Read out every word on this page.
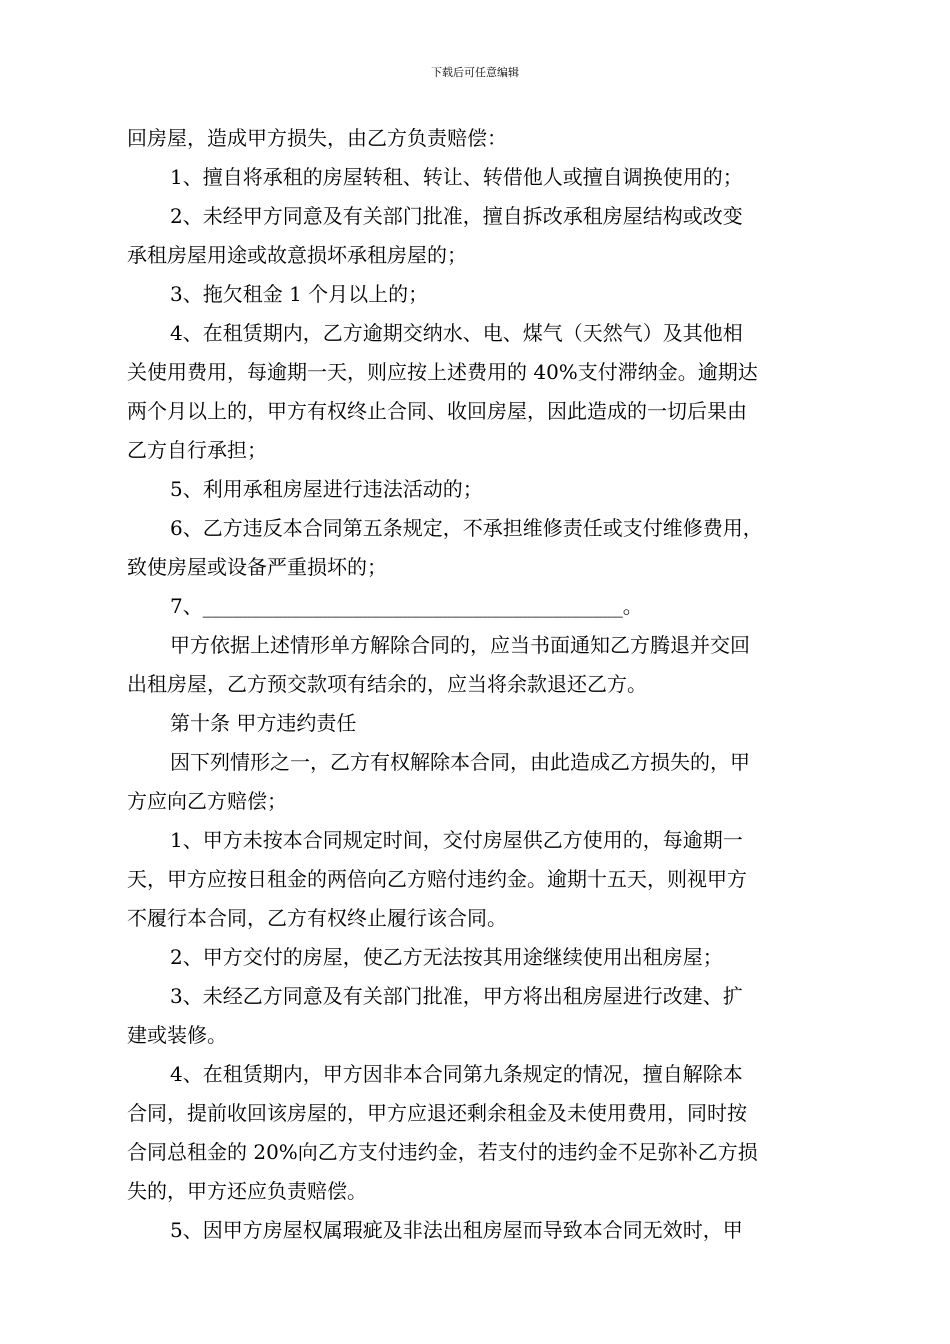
下载后可任意编辑
回房屋，造成甲方损失，由乙方负责赔偿：
1、擅自将承租的房屋转租、转让、转借他人或擅自调换使用的；
2、未经甲方同意及有关部门批准，擅自拆改承租房屋结构或改变
承租房屋用途或故意损坏承租房屋的；
3、拖欠租金 1 个月以上的；
4、在租赁期内，乙方逾期交纳水、电、煤气（天然气）及其他相
关使用费用，每逾期一天，则应按上述费用的 40%支付滞纳金。逾期达
两个月以上的，甲方有权终止合同、收回房屋，因此造成的一切后果由
乙方自行承担；
5、利用承租房屋进行违法活动的；
6、乙方违反本合同第五条规定，不承担维修责任或支付维修费用，
致使房屋或设备严重损坏的；
7、__________________________________________。
甲方依据上述情形单方解除合同的，应当书面通知乙方腾退并交回
出租房屋，乙方预交款项有结余的，应当将余款退还乙方。
第十条 甲方违约责任
因下列情形之一，乙方有权解除本合同，由此造成乙方损失的，甲
方应向乙方赔偿；
1、甲方未按本合同规定时间，交付房屋供乙方使用的，每逾期一
天，甲方应按日租金的两倍向乙方赔付违约金。逾期十五天，则视甲方
不履行本合同，乙方有权终止履行该合同。
2、甲方交付的房屋，使乙方无法按其用途继续使用出租房屋；
3、未经乙方同意及有关部门批准，甲方将出租房屋进行改建、扩
建或装修。
4、在租赁期内，甲方因非本合同第九条规定的情况，擅自解除本
合同，提前收回该房屋的，甲方应退还剩余租金及未使用费用，同时按
合同总租金的 20%向乙方支付违约金，若支付的违约金不足弥补乙方损
失的，甲方还应负责赔偿。
5、因甲方房屋权属瑕疵及非法出租房屋而导致本合同无效时，甲
